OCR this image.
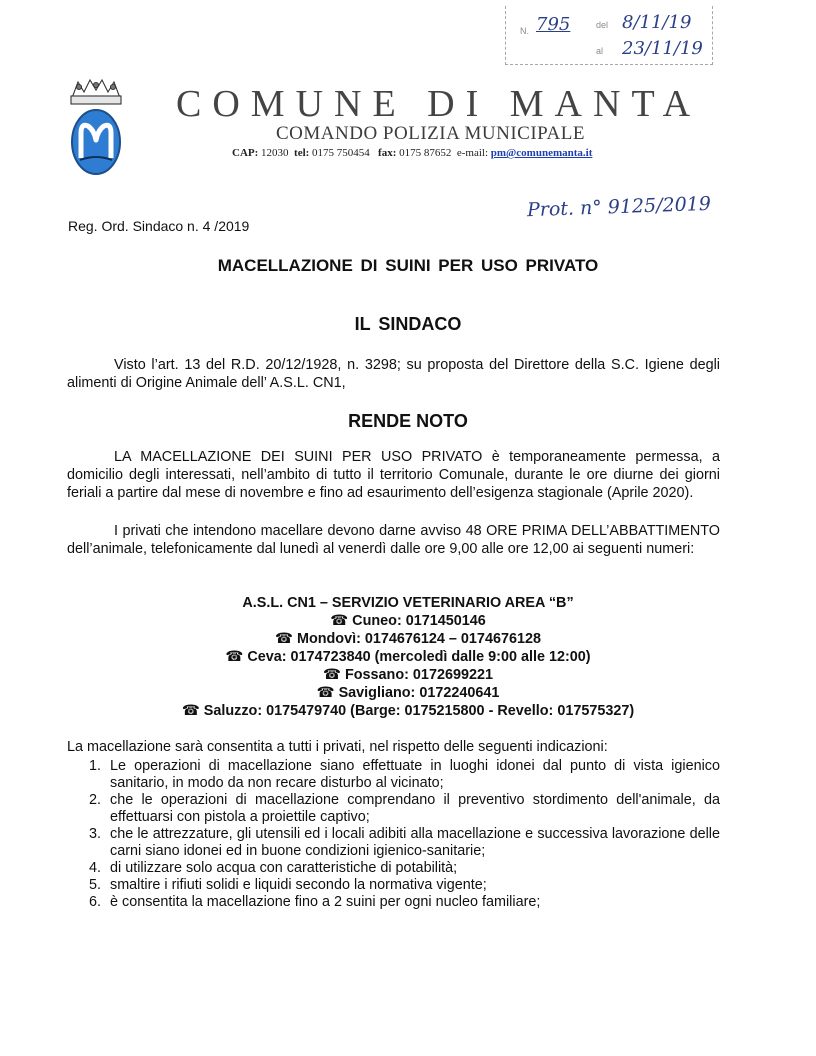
N. 795	del 8/11/19
al 23/11/19
COMUNE DI MANTA
COMANDO POLIZIA MUNICIPALE
CAP: 12030 tel: 0175 750454 fax: 0175 87652 e-mail: pm@comunemanta.it
Reg. Ord. Sindaco n. 4 /2019
Prot. n° 9125/2019
MACELLAZIONE DI SUINI PER USO PRIVATO
IL SINDACO
Visto l’art. 13 del R.D. 20/12/1928, n. 3298; su proposta del Direttore della S.C. Igiene degli alimenti di Origine Animale dell’ A.S.L. CN1,
RENDE NOTO
LA MACELLAZIONE DEI SUINI PER USO PRIVATO è temporaneamente permessa, a domicilio degli interessati, nell’ambito di tutto il territorio Comunale, durante le ore diurne dei giorni feriali a partire dal mese di novembre e fino ad esaurimento dell’esigenza stagionale (Aprile 2020).
I privati che intendono macellare devono darne avviso 48 ORE PRIMA DELL’ABBATTIMENTO dell’animale, telefonicamente dal lunedì al venerdì dalle ore 9,00 alle ore 12,00 ai seguenti numeri:
A.S.L. CN1 – SERVIZIO VETERINARIO AREA “B”
☎ Cuneo: 0171450146
☎ Mondovì: 0174676124 – 0174676128
☎ Ceva: 0174723840 (mercoledì dalle 9:00 alle 12:00)
☎ Fossano: 0172699221
☎ Savigliano: 0172240641
☎ Saluzzo: 0175479740 (Barge: 0175215800 - Revello: 017575327)
La macellazione sarà consentita a tutti i privati, nel rispetto delle seguenti indicazioni:
1. Le operazioni di macellazione siano effettuate in luoghi idonei dal punto di vista igienico sanitario, in modo da non recare disturbo al vicinato;
2. che le operazioni di macellazione comprendano il preventivo stordimento dell'animale, da effettuarsi con pistola a proiettile captivo;
3. che le attrezzature, gli utensili ed i locali adibiti alla macellazione e successiva lavorazione delle carni siano idonei ed in buone condizioni igienico-sanitarie;
4. di utilizzare solo acqua con caratteristiche di potabilità;
5. smaltire i rifiuti solidi e liquidi secondo la normativa vigente;
6. è consentita la macellazione fino a 2 suini per ogni nucleo familiare;
